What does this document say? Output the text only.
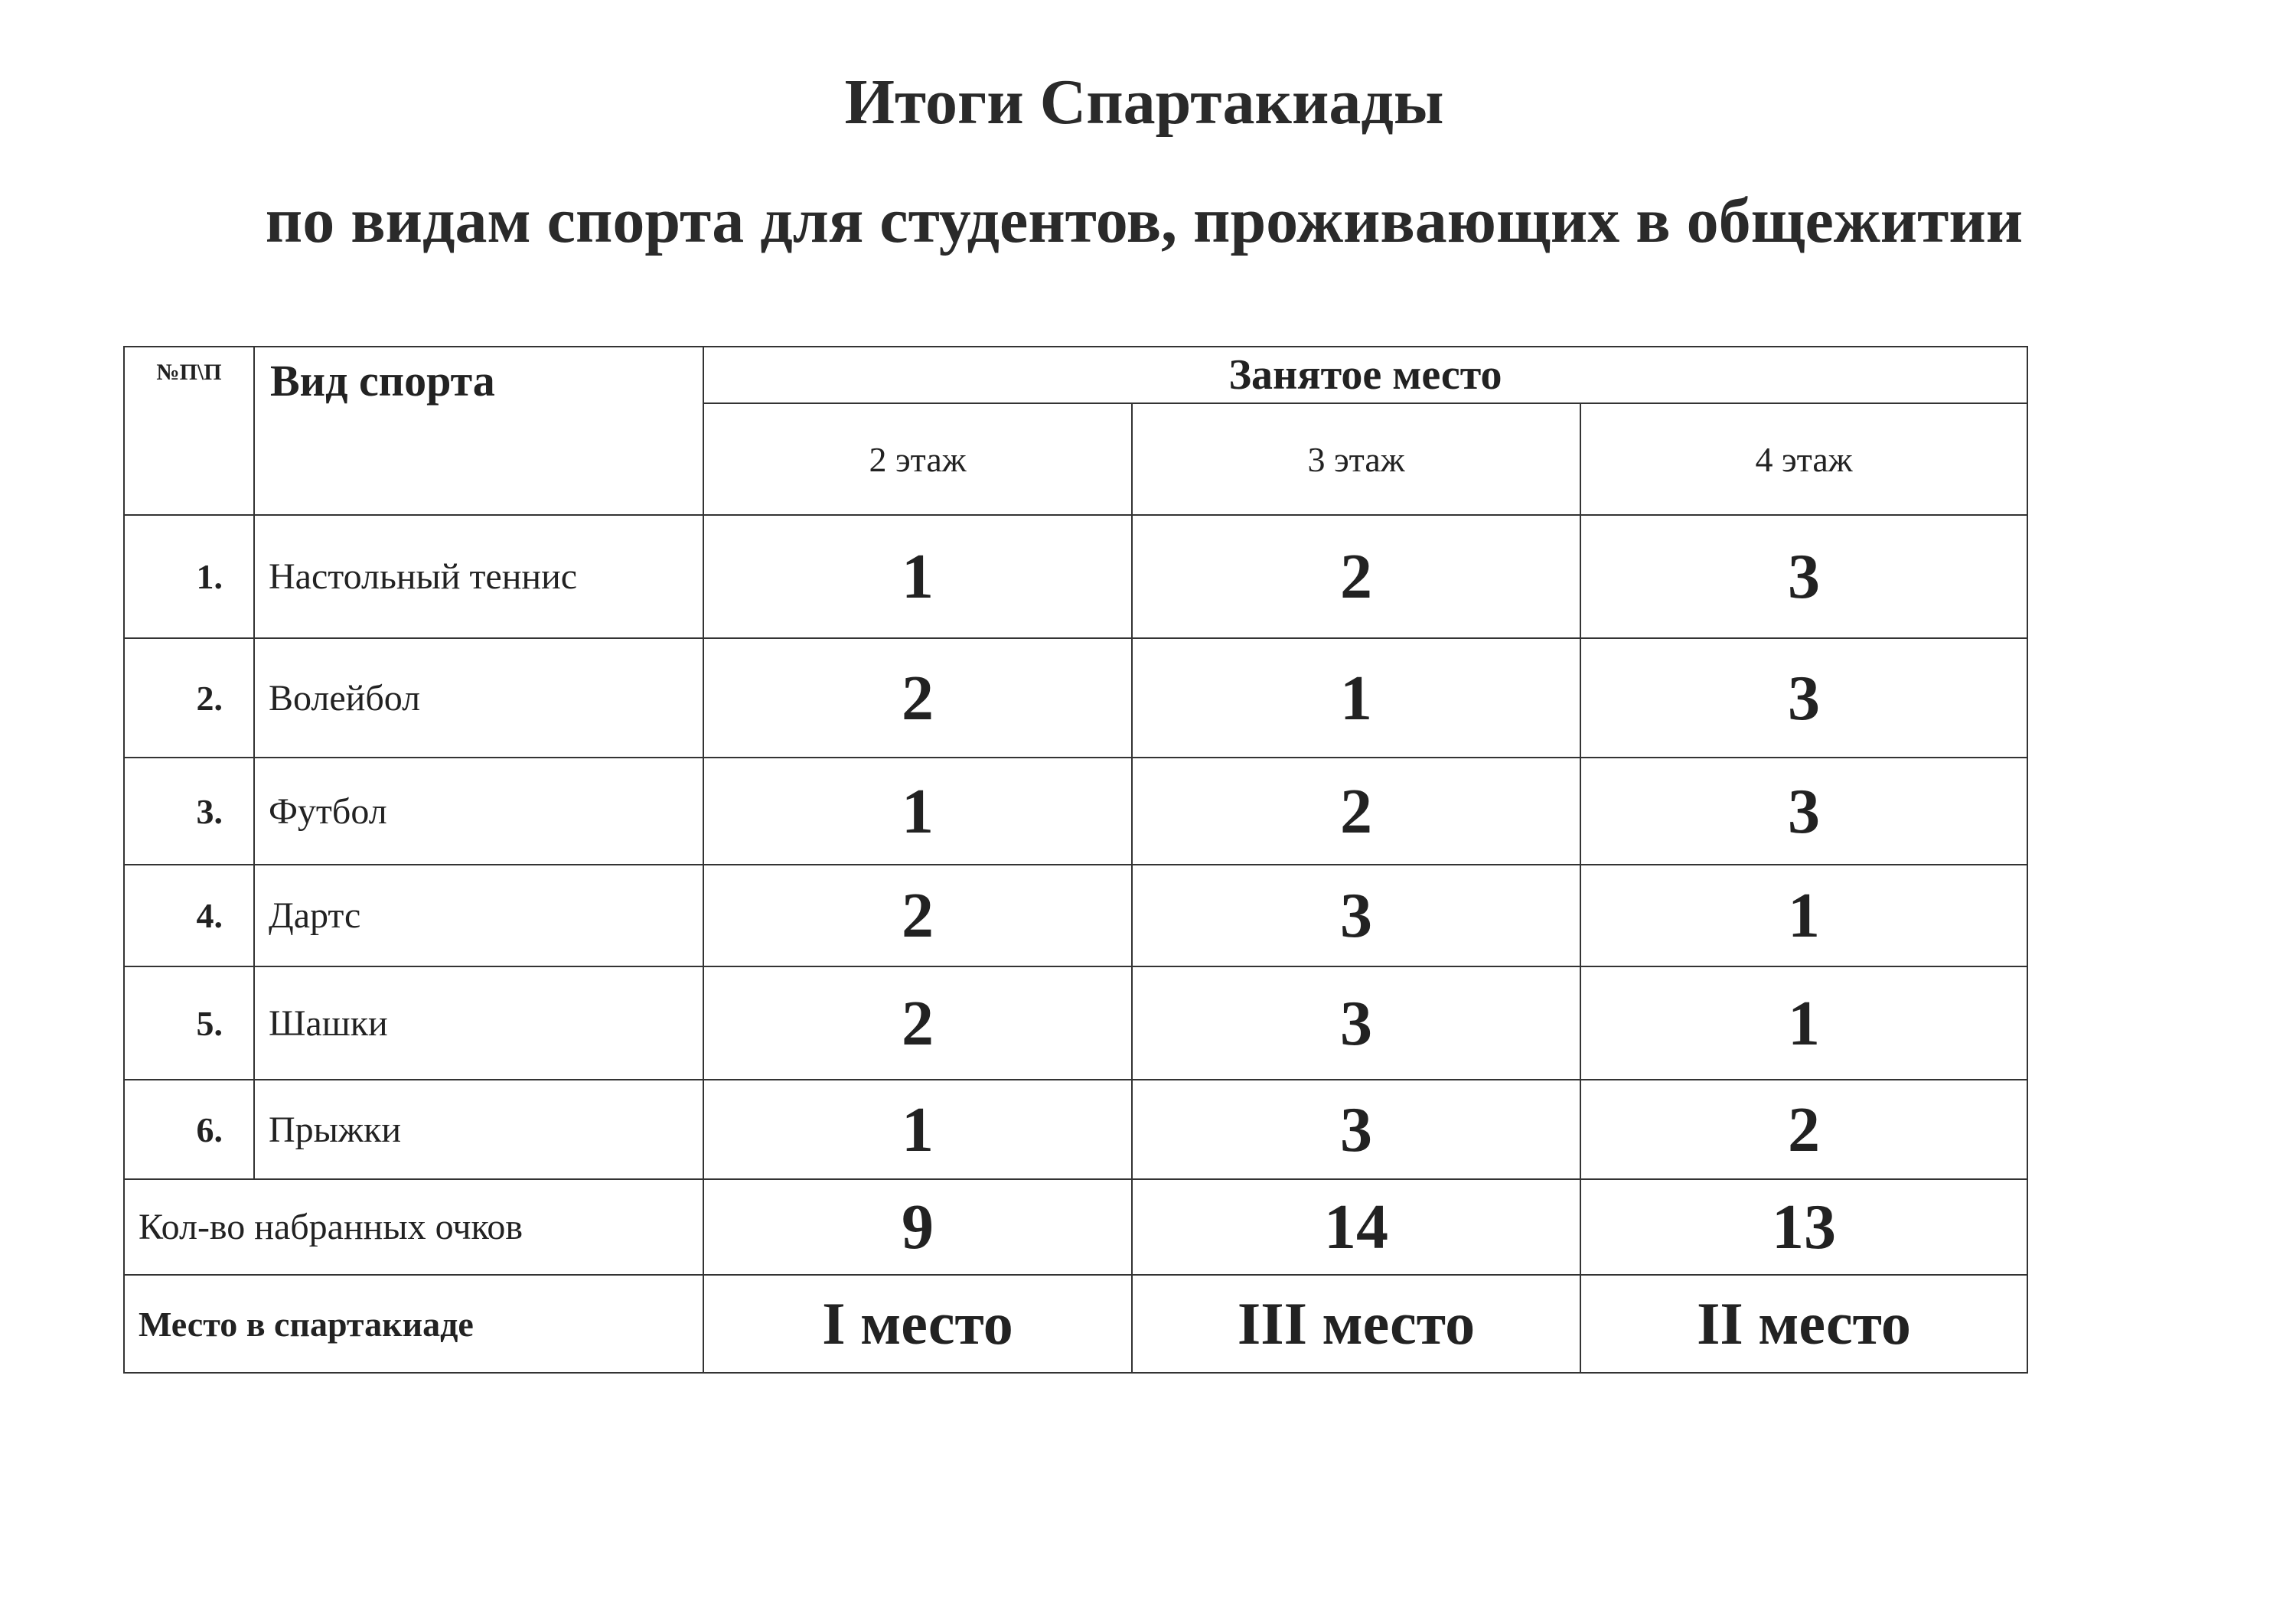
Итоги Спартакиады
по видам спорта для студентов, проживающих в общежитии
№П\П	Вид спорта	Занятое место		
		2 этаж	3 этаж	4 этаж
1.	Настольный теннис	1	2	3
2.	Волейбол	2	1	3
3.	Футбол	1	2	3
4.	Дартс	2	3	1
5.	Шашки	2	3	1
6.	Прыжки	1	3	2
Кол-во набранных очков		9	14	13
Место в спартакиаде		I место	III место	II место
